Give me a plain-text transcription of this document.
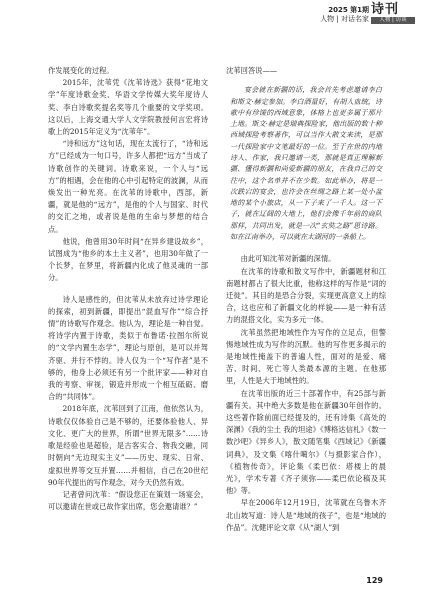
2025 第1期
人物 | 对话名家
诗刊
人物 | 访谈

作发展变化的过程。

2015年，沈苇凭《沈苇诗选》获得“花地文学”年度诗歌金奖、华语文学传媒大奖年度诗人奖、李白诗歌奖提名奖等几个重要的文学奖项。这以后，上海交通大学人文学院教授何言宏将诗歌上的2015年定义为“沈苇年”。

“诗和远方”这句话，现在太流行了，“诗和远方”已经成为一句口号，许多人都把“远方”当成了诗歌创作的关键词。诗歌来说，一个人与“远方”的相遇，会在他的心中引起特定的波澜，从而焕发出一种光亮。在沈苇的诗歌中，西部，新疆，就是他的“远方”，是他的个人与国家、时代的交汇之地，或者说是他的生命与梦想的结合点。

他说，他曾用30年时间“在异乡建设故乡”，试图成为“他乡的本土主义者”，也用30年做了一个长梦，在梦里，将新疆内化成了他灵魂的一部分。

诗人是感性的，但沈苇从未放弃过诗学理论的探索，初到新疆，即提出“混血写作”“综合抒情”的诗歌写作观念。他认为，理论是一种自觉。将诗学内置于诗歌，类似于布鲁诺·拉图尔所说的“文学内置生态学”，理论与原创，是可以并驾齐驱、并行不悖的。诗人仅为一个“写作者”是不够的，他身上必须还有另一个批评家——种对自我的考察、审视，锻造并形成一个相互砥砺、磨合的“共同体”。

2018年底，沈苇回到了江南，他依然认为，诗歌仅仅体验自己是不够的，还要体验他人、异文化、更广大的世界，所谓“世界无限多”……诗歌是经验也是超验，是古客实合、物我交融，同时朝向“无边现实主义”——历史、现实、日常、虚拟世界等交互并置……并相信，自己在20世纪90年代提出的写作观念，对今天仍然有效。

记者曾问沈苇：“假设您正在策划一场宴会，可以邀请在世或已故作家出席，您会邀请谁？”

沈苇回答说——
宴会就在新疆的话，我会首先考虑邀请李白和斯文·赫定参加。李白酒量好，有胡人血统，诗歌中有珍馐的西域意象，体格上也更多属于那片土地。斯文·赫定是瑞典探险家，他出版的数十种西域探险考察著作，可以当作大散文来读，是那一代探险家中文笔最好的一位。至于在世的内地诗人、作家，我只邀请一类，那就是真正理解新疆、懂得新疆和尚爱新疆的朋友，在我自己的交往中，这个名单并不在少数。如此举办，将是一次跌宕的宴会，也许会在丝绸之路上某一处小盆地的某个小旅店，从一下子来了一千人。这一下子，就在辽阔的大地上，他们会像千年前的商队那样，共同出发，就是一次“玄奘之路”思诗路。如在江南举办，可以就在太湖河的一条船上。

由此可知沈苇对新疆的深情。

在沈苇的诗歌和散文写作中，新疆题材和江南题材都占了很大比重，他称这样的写作是“词的迁徙”。其目的是恐合分裂，实现更高意义上的综合，这也应和了新疆文化的样貌——是一种有活力的混搭文化，实为多元一体。

沈苇虽然把地域性作为写作的立足点，但警惕地域性成为写作的沉默。他的写作更多揭示的是地域性掩盖下的普遍人性，面对的是爱、痛苦、时间、死亡等人类最本源的主题。在他那里，人性是大于地域性的。

在沈苇出版的近三十部著作中，有25部与新疆有关。其中绝大多数是他在新疆30年创作的。这些著作除前面已经提及的，还有诗集《高处的深渊》《我的尘土 我的坦途》《博格达信札》《数一数沙吧》《异乡人》，散文随笔集《西域记》《新疆词典》，及文集《喀什噶尔》（与摄影家合作），《植物传奇》，评论集《柔巴依：塔楼上的晨光》，学术专著《齐子须弥——柔巴依论稿及其他》等。

早在2006年12月19日，沈苇就在乌鲁木齐北山坡写道：诗人是“地域的孩子”，也是“地域的作品”。沈健评论文章《从“湖人”到

129
